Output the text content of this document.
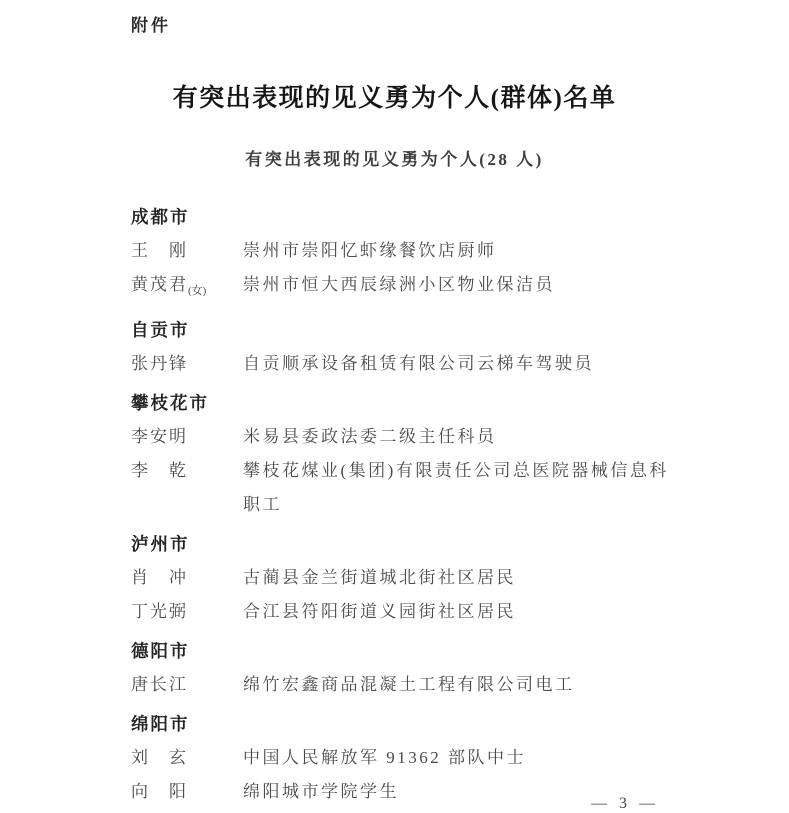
附件
有突出表现的见义勇为个人(群体)名单
有突出表现的见义勇为个人(28 人)
成都市
王　刚	崇州市崇阳忆虾缘餐饮店厨师
黄茂君$_{(女)}$	崇州市恒大西辰绿洲小区物业保洁员
自贡市
张丹锋	自贡顺承设备租赁有限公司云梯车驾驶员
攀枝花市
李安明	米易县委政法委二级主任科员
李　乾	攀枝花煤业(集团)有限责任公司总医院器械信息科职工
泸州市
肖　冲	古蔺县金兰街道城北街社区居民
丁光弼	合江县符阳街道义园街社区居民
德阳市
唐长江	绵竹宏鑫商品混凝土工程有限公司电工
绵阳市
刘　玄	中国人民解放军 91362 部队中士
向　阳	绵阳城市学院学生
— 3 —
